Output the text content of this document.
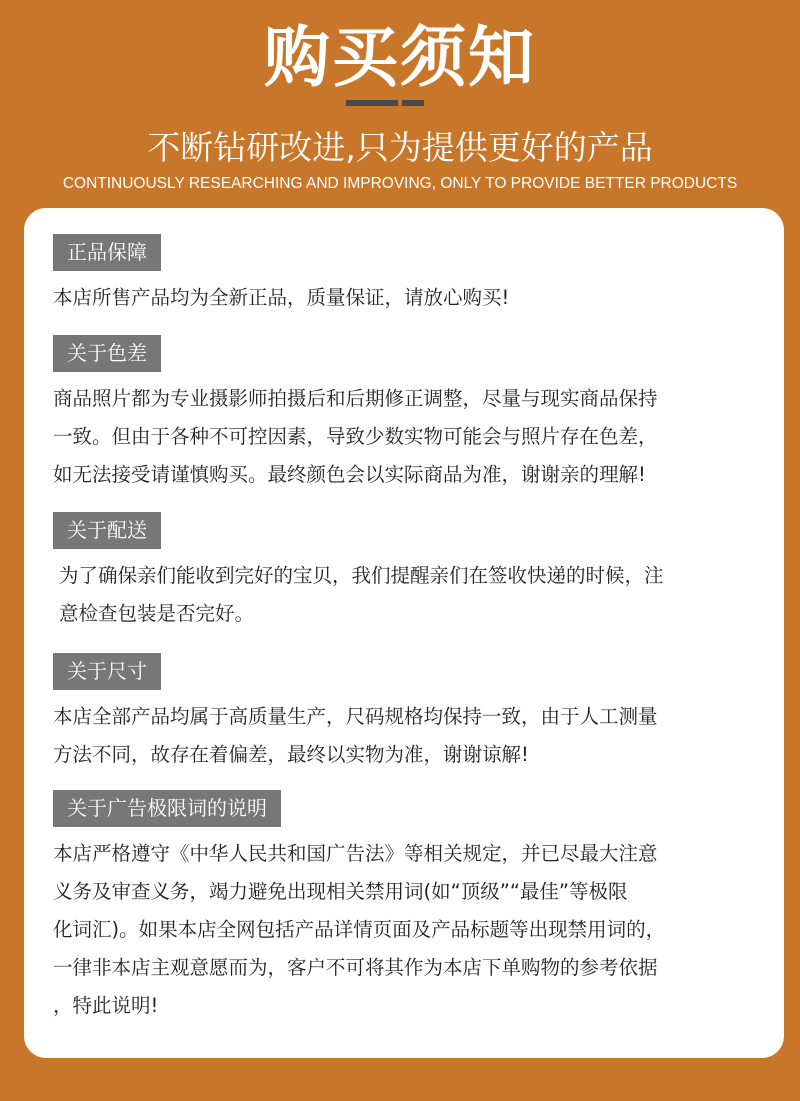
购买须知
不断钻研改进,只为提供更好的产品
CONTINUOUSLY RESEARCHING AND IMPROVING, ONLY TO PROVIDE BETTER PRODUCTS
正品保障
本店所售产品均为全新正品，质量保证，请放心购买!
关于色差
商品照片都为专业摄影师拍摄后和后期修正调整，尽量与现实商品保持
一致。但由于各种不可控因素，导致少数实物可能会与照片存在色差，
如无法接受请谨慎购买。最终颜色会以实际商品为准，谢谢亲的理解!
关于配送
为了确保亲们能收到完好的宝贝，我们提醒亲们在签收快递的时候，注
意检查包装是否完好。
关于尺寸
本店全部产品均属于高质量生产，尺码规格均保持一致，由于人工测量
方法不同，故存在着偏差，最终以实物为准，谢谢谅解!
关于广告极限词的说明
本店严格遵守《中华人民共和国广告法》等相关规定，并已尽最大注意
义务及审查义务，竭力避免出现相关禁用词(如“顶级”“最佳”等极限
化词汇)。如果本店全网包括产品详情页面及产品标题等出现禁用词的，
一律非本店主观意愿而为，客户不可将其作为本店下单购物的参考依据
，特此说明!
